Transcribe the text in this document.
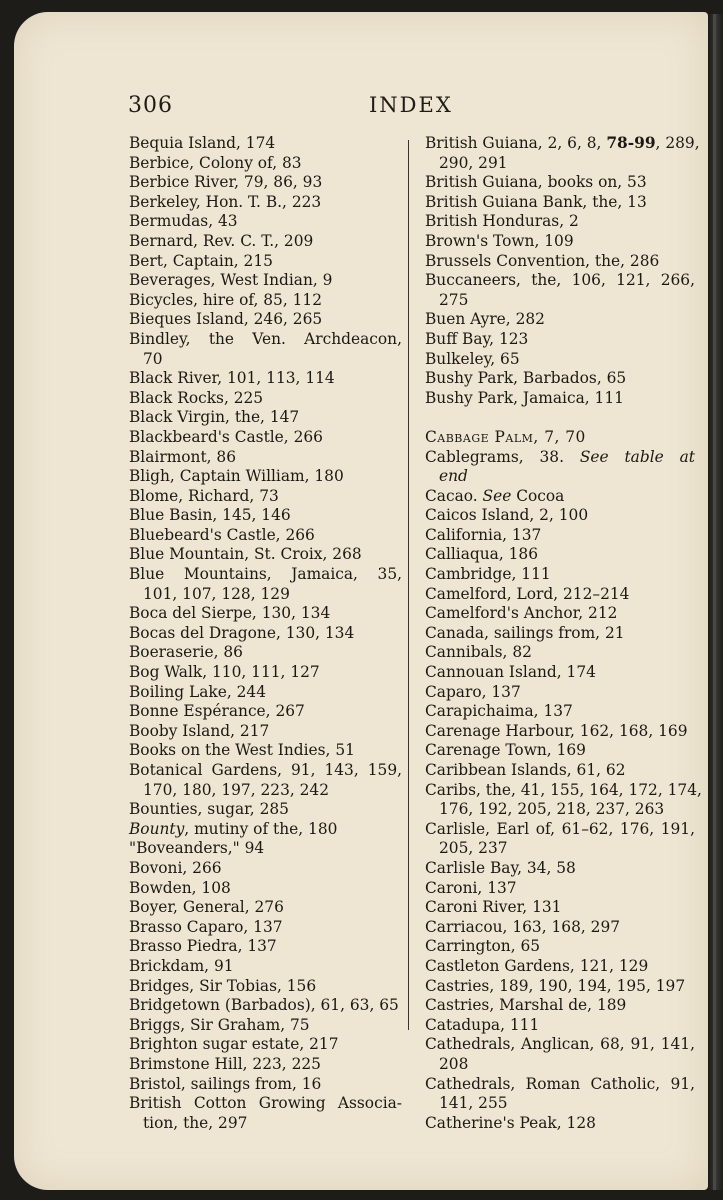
306	INDEX
Bequia Island, 174
Berbice, Colony of, 83
Berbice River, 79, 86, 93
Berkeley, Hon. T. B., 223
Bermudas, 43
Bernard, Rev. C. T., 209
Bert, Captain, 215
Beverages, West Indian, 9
Bicycles, hire of, 85, 112
Bieques Island, 246, 265
Bindley, the Ven. Archdeacon,
70
Black River, 101, 113, 114
Black Rocks, 225
Black Virgin, the, 147
Blackbeard's Castle, 266
Blairmont, 86
Bligh, Captain William, 180
Blome, Richard, 73
Blue Basin, 145, 146
Bluebeard's Castle, 266
Blue Mountain, St. Croix, 268
Blue Mountains, Jamaica, 35,
101, 107, 128, 129
Boca del Sierpe, 130, 134
Bocas del Dragone, 130, 134
Boeraserie, 86
Bog Walk, 110, 111, 127
Boiling Lake, 244
Bonne Espérance, 267
Booby Island, 217
Books on the West Indies, 51
Botanical Gardens, 91, 143, 159,
170, 180, 197, 223, 242
Bounties, sugar, 285
Bounty, mutiny of the, 180
"Boveanders," 94
Bovoni, 266
Bowden, 108
Boyer, General, 276
Brasso Caparo, 137
Brasso Piedra, 137
Brickdam, 91
Bridges, Sir Tobias, 156
Bridgetown (Barbados), 61, 63, 65
Briggs, Sir Graham, 75
Brighton sugar estate, 217
Brimstone Hill, 223, 225
Bristol, sailings from, 16
British Cotton Growing Associa-
tion, the, 297
British Guiana, 2, 6, 8, 78-99, 289,
290, 291
British Guiana, books on, 53
British Guiana Bank, the, 13
British Honduras, 2
Brown's Town, 109
Brussels Convention, the, 286
Buccaneers, the, 106, 121, 266,
275
Buen Ayre, 282
Buff Bay, 123
Bulkeley, 65
Bushy Park, Barbados, 65
Bushy Park, Jamaica, 111
Cabbage Palm, 7, 70
Cablegrams, 38. See table at
end
Cacao. See Cocoa
Caicos Island, 2, 100
California, 137
Calliaqua, 186
Cambridge, 111
Camelford, Lord, 212–214
Camelford's Anchor, 212
Canada, sailings from, 21
Cannibals, 82
Cannouan Island, 174
Caparo, 137
Carapichaima, 137
Carenage Harbour, 162, 168, 169
Carenage Town, 169
Caribbean Islands, 61, 62
Caribs, the, 41, 155, 164, 172, 174,
176, 192, 205, 218, 237, 263
Carlisle, Earl of, 61–62, 176, 191,
205, 237
Carlisle Bay, 34, 58
Caroni, 137
Caroni River, 131
Carriacou, 163, 168, 297
Carrington, 65
Castleton Gardens, 121, 129
Castries, 189, 190, 194, 195, 197
Castries, Marshal de, 189
Catadupa, 111
Cathedrals, Anglican, 68, 91, 141,
208
Cathedrals, Roman Catholic, 91,
141, 255
Catherine's Peak, 128
